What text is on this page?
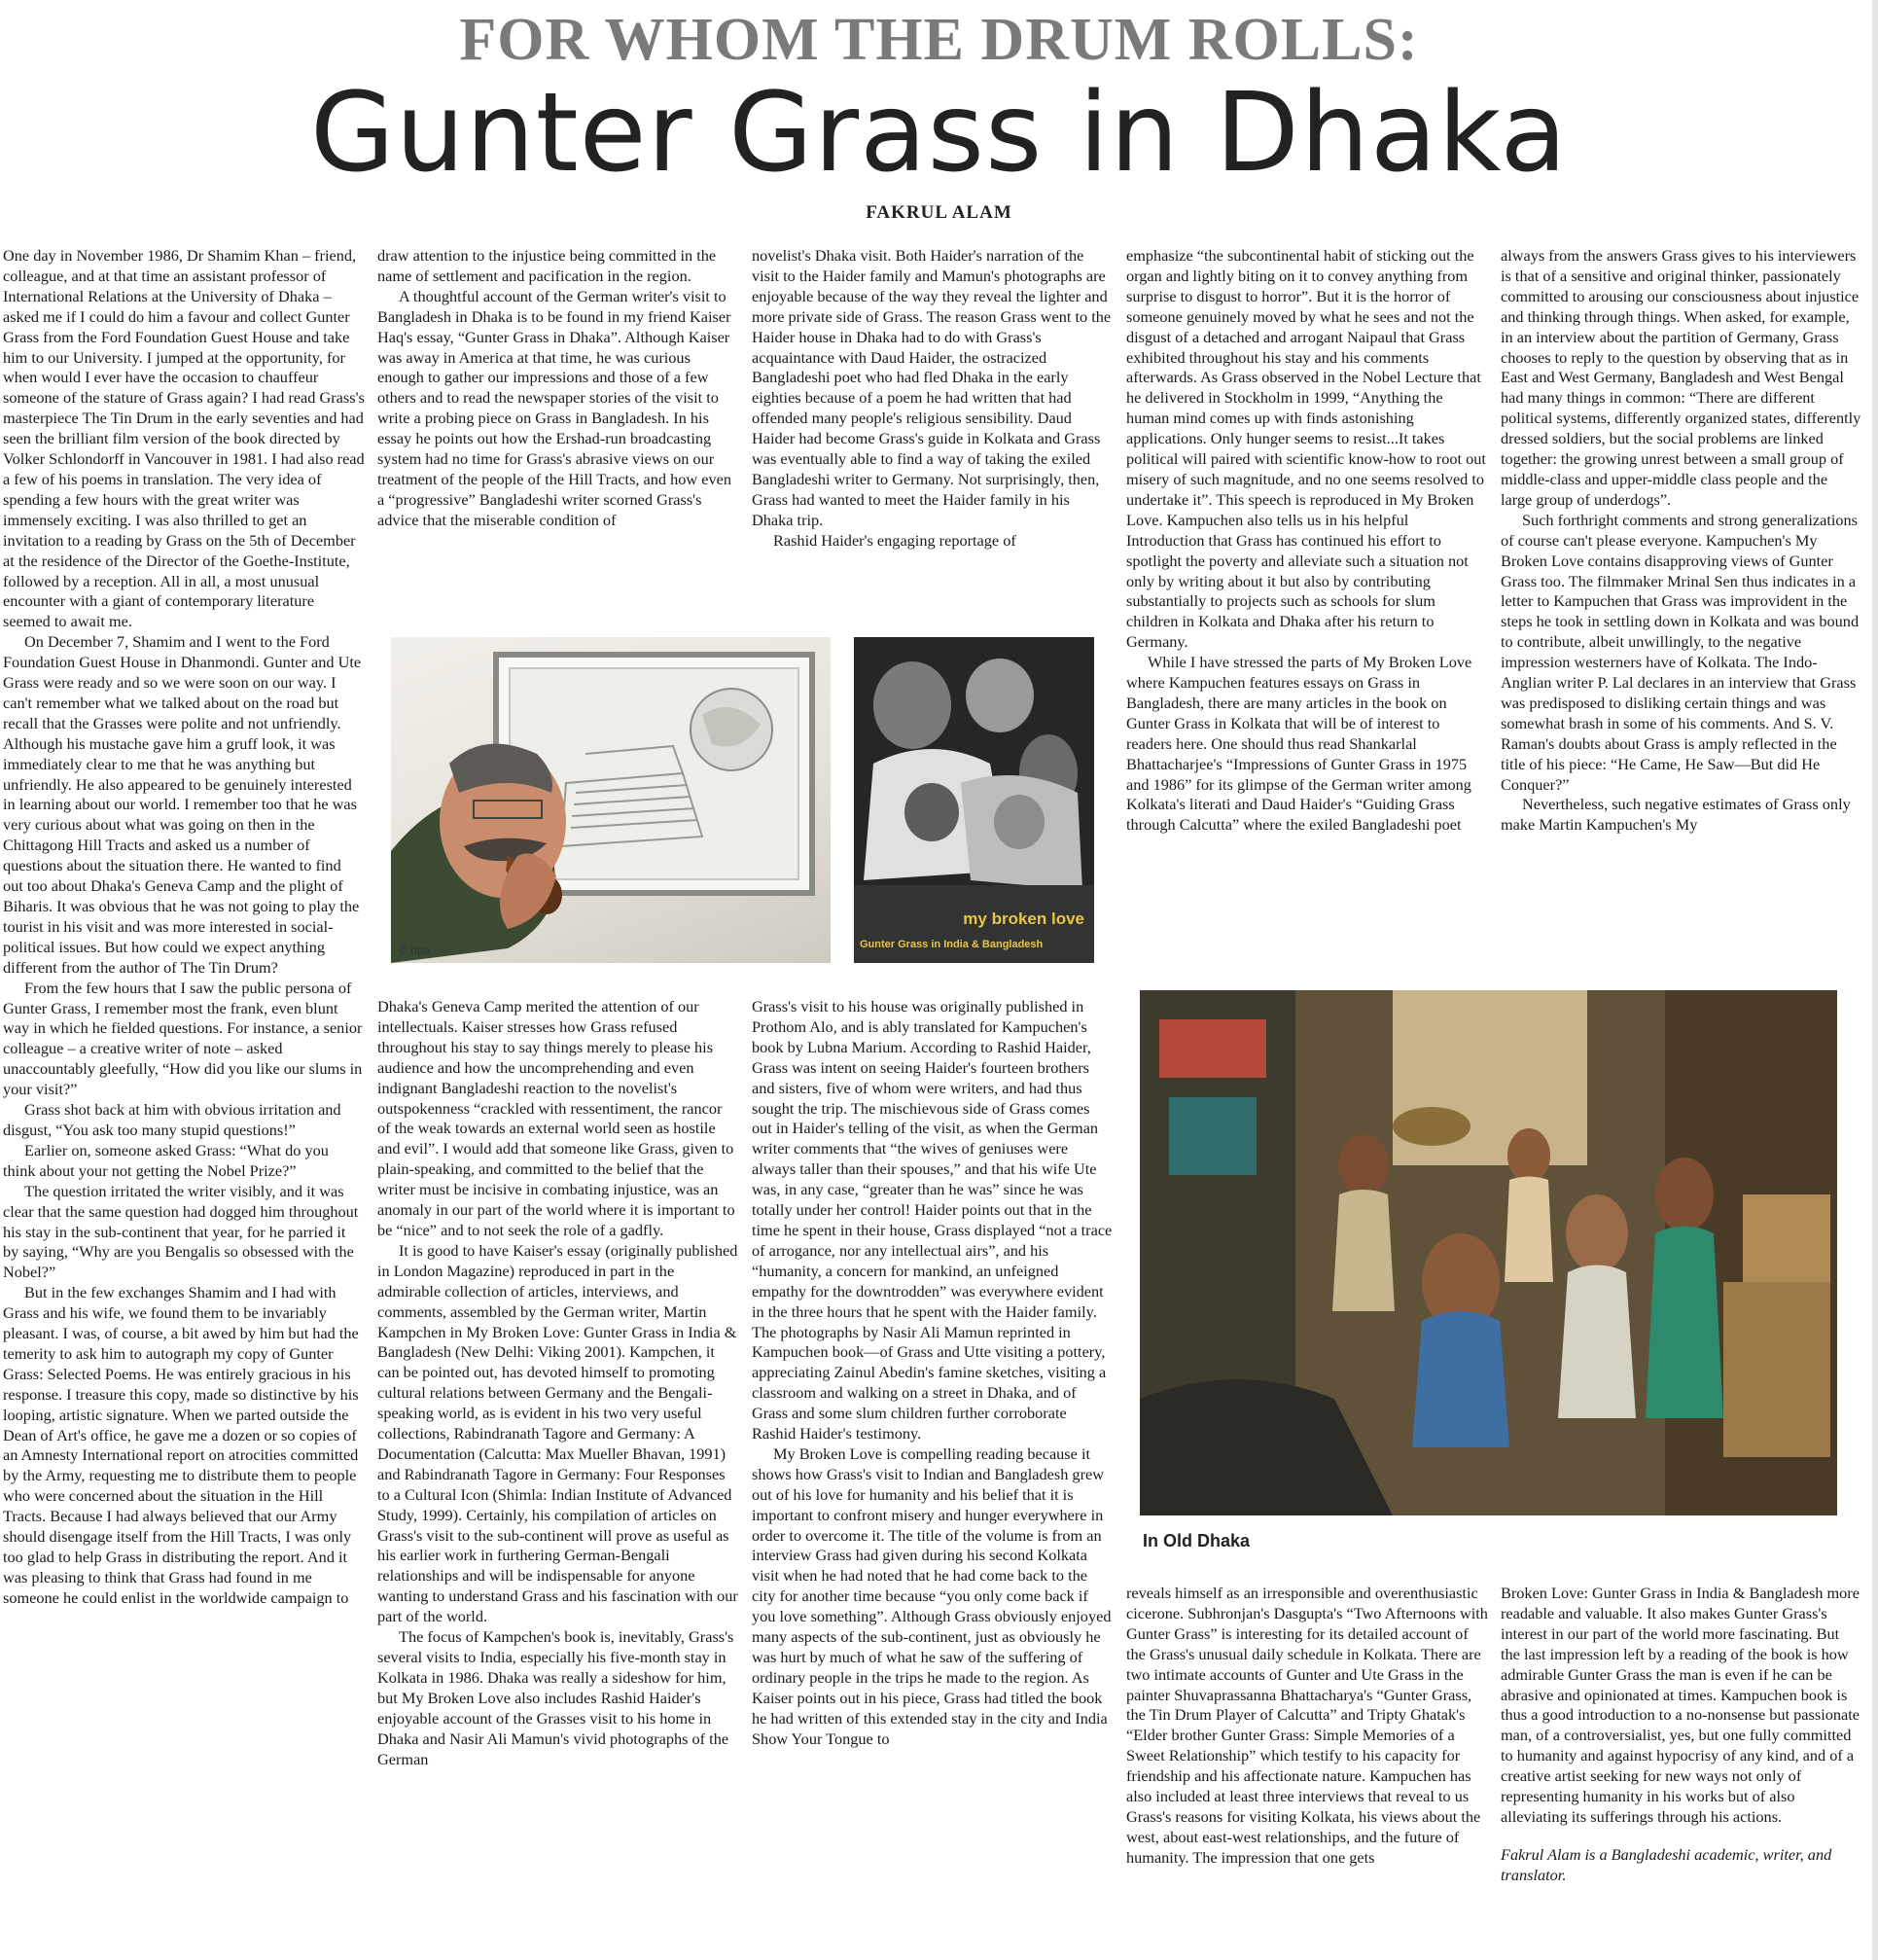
FOR WHOM THE DRUM ROLLS:
Gunter Grass in Dhaka
FAKRUL ALAM

One day in November 1986, Dr Shamim Khan – friend, colleague, and at that time an assistant professor of International Relations at the University of Dhaka – asked me if I could do him a favour and collect Gunter Grass from the Ford Foundation Guest House and take him to our University. I jumped at the opportunity, for when would I ever have the occasion to chauffeur someone of the stature of Grass again? I had read Grass's masterpiece The Tin Drum in the early seventies and had seen the brilliant film version of the book directed by Volker Schlondorff in Vancouver in 1981. I had also read a few of his poems in translation. The very idea of spending a few hours with the great writer was immensely exciting. I was also thrilled to get an invitation to a reading by Grass on the 5th of December at the residence of the Director of the Goethe-Institute, followed by a reception. All in all, a most unusual encounter with a giant of contemporary literature seemed to await me.

On December 7, Shamim and I went to the Ford Foundation Guest House in Dhanmondi. Gunter and Ute Grass were ready and so we were soon on our way. I can't remember what we talked about on the road but recall that the Grasses were polite and not unfriendly. Although his mustache gave him a gruff look, it was immediately clear to me that he was anything but unfriendly. He also appeared to be genuinely interested in learning about our world. I remember too that he was very curious about what was going on then in the Chittagong Hill Tracts and asked us a number of questions about the situation there. He wanted to find out too about Dhaka's Geneva Camp and the plight of Biharis. It was obvious that he was not going to play the tourist in his visit and was more interested in social-political issues. But how could we expect anything different from the author of The Tin Drum?

From the few hours that I saw the public persona of Gunter Grass, I remember most the frank, even blunt way in which he fielded questions. For instance, a senior colleague – a creative writer of note – asked unaccountably gleefully, “How did you like our slums in your visit?”

Grass shot back at him with obvious irritation and disgust, “You ask too many stupid questions!”

Earlier on, someone asked Grass: “What do you think about your not getting the Nobel Prize?”

The question irritated the writer visibly, and it was clear that the same question had dogged him throughout his stay in the sub-continent that year, for he parried it by saying, “Why are you Bengalis so obsessed with the Nobel?”

But in the few exchanges Shamim and I had with Grass and his wife, we found them to be invariably pleasant. I was, of course, a bit awed by him but had the temerity to ask him to autograph my copy of Gunter Grass: Selected Poems. He was entirely gracious in his response. I treasure this copy, made so distinctive by his looping, artistic signature. When we parted outside the Dean of Art's office, he gave me a dozen or so copies of an Amnesty International report on atrocities committed by the Army, requesting me to distribute them to people who were concerned about the situation in the Hill Tracts. Because I had always believed that our Army should disengage itself from the Hill Tracts, I was only too glad to help Grass in distributing the report. And it was pleasing to think that Grass had found in me someone he could enlist in the worldwide campaign to

draw attention to the injustice being committed in the name of settlement and pacification in the region.

A thoughtful account of the German writer's visit to Bangladesh in Dhaka is to be found in my friend Kaiser Haq's essay, “Gunter Grass in Dhaka”. Although Kaiser was away in America at that time, he was curious enough to gather our impressions and those of a few others and to read the newspaper stories of the visit to write a probing piece on Grass in Bangladesh. In his essay he points out how the Ershad-run broadcasting system had no time for Grass's abrasive views on our treatment of the people of the Hill Tracts, and how even a “progressive” Bangladeshi writer scorned Grass's advice that the miserable condition of

novelist's Dhaka visit. Both Haider's narration of the visit to the Haider family and Mamun's photographs are enjoyable because of the way they reveal the lighter and more private side of Grass. The reason Grass went to the Haider house in Dhaka had to do with Grass's acquaintance with Daud Haider, the ostracized Bangladeshi poet who had fled Dhaka in the early eighties because of a poem he had written that had offended many people's religious sensibility. Daud Haider had become Grass's guide in Kolkata and Grass was eventually able to find a way of taking the exiled Bangladeshi writer to Germany. Not surprisingly, then, Grass had wanted to meet the Haider family in his Dhaka trip.

Rashid Haider's engaging reportage of

© dpa
my broken love
Gunter Grass in India & Bangladesh

emphasize “the subcontinental habit of sticking out the organ and lightly biting on it to convey anything from surprise to disgust to horror”. But it is the horror of someone genuinely moved by what he sees and not the disgust of a detached and arrogant Naipaul that Grass exhibited throughout his stay and his comments afterwards. As Grass observed in the Nobel Lecture that he delivered in Stockholm in 1999, “Anything the human mind comes up with finds astonishing applications. Only hunger seems to resist...It takes political will paired with scientific know-how to root out misery of such magnitude, and no one seems resolved to undertake it”. This speech is reproduced in My Broken Love. Kampuchen also tells us in his helpful Introduction that Grass has continued his effort to spotlight the poverty and alleviate such a situation not only by writing about it but also by contributing substantially to projects such as schools for slum children in Kolkata and Dhaka after his return to Germany.

While I have stressed the parts of My Broken Love where Kampuchen features essays on Grass in Bangladesh, there are many articles in the book on Gunter Grass in Kolkata that will be of interest to readers here. One should thus read Shankarlal Bhattacharjee's “Impressions of Gunter Grass in 1975 and 1986” for its glimpse of the German writer among Kolkata's literati and Daud Haider's “Guiding Grass through Calcutta” where the exiled Bangladeshi poet

always from the answers Grass gives to his interviewers is that of a sensitive and original thinker, passionately committed to arousing our consciousness about injustice and thinking through things. When asked, for example, in an interview about the partition of Germany, Grass chooses to reply to the question by observing that as in East and West Germany, Bangladesh and West Bengal had many things in common: “There are different political systems, differently organized states, differently dressed soldiers, but the social problems are linked together: the growing unrest between a small group of middle-class and upper-middle class people and the large group of underdogs”.

Such forthright comments and strong generalizations of course can't please everyone. Kampuchen's My Broken Love contains disapproving views of Gunter Grass too. The filmmaker Mrinal Sen thus indicates in a letter to Kampuchen that Grass was improvident in the steps he took in settling down in Kolkata and was bound to contribute, albeit unwillingly, to the negative impression westerners have of Kolkata. The Indo-Anglian writer P. Lal declares in an interview that Grass was predisposed to disliking certain things and was somewhat brash in some of his comments. And S. V. Raman's doubts about Grass is amply reflected in the title of his piece: “He Came, He Saw—But did He Conquer?”

Nevertheless, such negative estimates of Grass only make Martin Kampuchen's My

Dhaka's Geneva Camp merited the attention of our intellectuals. Kaiser stresses how Grass refused throughout his stay to say things merely to please his audience and how the uncomprehending and even indignant Bangladeshi reaction to the novelist's outspokenness “crackled with ressentiment, the rancor of the weak towards an external world seen as hostile and evil”. I would add that someone like Grass, given to plain-speaking, and committed to the belief that the writer must be incisive in combating injustice, was an anomaly in our part of the world where it is important to be “nice” and to not seek the role of a gadfly.

It is good to have Kaiser's essay (originally published in London Magazine) reproduced in part in the admirable collection of articles, interviews, and comments, assembled by the German writer, Martin Kampchen in My Broken Love: Gunter Grass in India & Bangladesh (New Delhi: Viking 2001). Kampchen, it can be pointed out, has devoted himself to promoting cultural relations between Germany and the Bengali-speaking world, as is evident in his two very useful collections, Rabindranath Tagore and Germany: A Documentation (Calcutta: Max Mueller Bhavan, 1991) and Rabindranath Tagore in Germany: Four Responses to a Cultural Icon (Shimla: Indian Institute of Advanced Study, 1999). Certainly, his compilation of articles on Grass's visit to the sub-continent will prove as useful as his earlier work in furthering German-Bengali relationships and will be indispensable for anyone wanting to understand Grass and his fascination with our part of the world.

The focus of Kampchen's book is, inevitably, Grass's several visits to India, especially his five-month stay in Kolkata in 1986. Dhaka was really a sideshow for him, but My Broken Love also includes Rashid Haider's enjoyable account of the Grasses visit to his home in Dhaka and Nasir Ali Mamun's vivid photographs of the German

Grass's visit to his house was originally published in Prothom Alo, and is ably translated for Kampuchen's book by Lubna Marium. According to Rashid Haider, Grass was intent on seeing Haider's fourteen brothers and sisters, five of whom were writers, and had thus sought the trip. The mischievous side of Grass comes out in Haider's telling of the visit, as when the German writer comments that “the wives of geniuses were always taller than their spouses,” and that his wife Ute was, in any case, “greater than he was” since he was totally under her control! Haider points out that in the time he spent in their house, Grass displayed “not a trace of arrogance, nor any intellectual airs”, and his “humanity, a concern for mankind, an unfeigned empathy for the downtrodden” was everywhere evident in the three hours that he spent with the Haider family. The photographs by Nasir Ali Mamun reprinted in Kampuchen book—of Grass and Utte visiting a pottery, appreciating Zainul Abedin's famine sketches, visiting a classroom and walking on a street in Dhaka, and of Grass and some slum children further corroborate Rashid Haider's testimony.

My Broken Love is compelling reading because it shows how Grass's visit to Indian and Bangladesh grew out of his love for humanity and his belief that it is important to confront misery and hunger everywhere in order to overcome it. The title of the volume is from an interview Grass had given during his second Kolkata visit when he had noted that he had come back to the city for another time because “you only come back if you love something”. Although Grass obviously enjoyed many aspects of the sub-continent, just as obviously he was hurt by much of what he saw of the suffering of ordinary people in the trips he made to the region. As Kaiser points out in his piece, Grass had titled the book he had written of this extended stay in the city and India Show Your Tongue to

In Old Dhaka

reveals himself as an irresponsible and overenthusiastic cicerone. Subhronjan's Dasgupta's “Two Afternoons with Gunter Grass” is interesting for its detailed account of the Grass's unusual daily schedule in Kolkata. There are two intimate accounts of Gunter and Ute Grass in the painter Shuvaprassanna Bhattacharya's “Gunter Grass, the Tin Drum Player of Calcutta” and Tripty Ghatak's “Elder brother Gunter Grass: Simple Memories of a Sweet Relationship” which testify to his capacity for friendship and his affectionate nature. Kampuchen has also included at least three interviews that reveal to us Grass's reasons for visiting Kolkata, his views about the west, about east-west relationships, and the future of humanity. The impression that one gets

Broken Love: Gunter Grass in India & Bangladesh more readable and valuable. It also makes Gunter Grass's interest in our part of the world more fascinating. But the last impression left by a reading of the book is how admirable Gunter Grass the man is even if he can be abrasive and opinionated at times. Kampuchen book is thus a good introduction to a no-nonsense but passionate man, of a controversialist, yes, but one fully committed to humanity and against hypocrisy of any kind, and of a creative artist seeking for new ways not only of representing humanity in his works but of also alleviating its sufferings through his actions.

Fakrul Alam is a Bangladeshi academic, writer, and translator.
